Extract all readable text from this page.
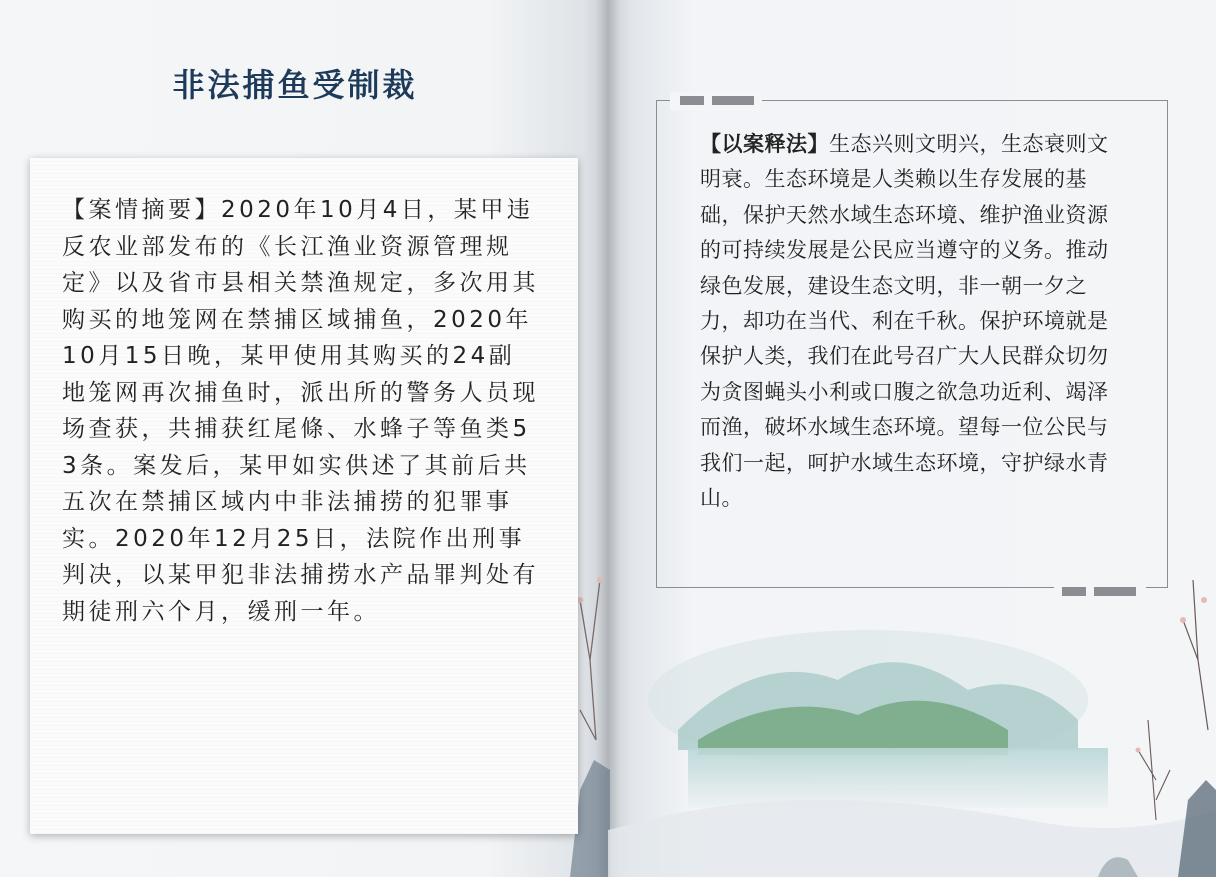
非法捕鱼受制裁
【案情摘要】2020年10月4日，某甲违反农业部发布的《长江渔业资源管理规定》以及省市县相关禁渔规定，多次用其购买的地笼网在禁捕区域捕鱼，2020年10月15日晚，某甲使用其购买的24副地笼网再次捕鱼时，派出所的警务人员现场查获，共捕获红尾條、水蜂子等鱼类53条。案发后，某甲如实供述了其前后共五次在禁捕区域内中非法捕捞的犯罪事实。2020年12月25日，法院作出刑事判决，以某甲犯非法捕捞水产品罪判处有期徒刑六个月，缓刑一年。
【以案释法】生态兴则文明兴，生态衰则文明衰。生态环境是人类赖以生存发展的基础，保护天然水域生态环境、维护渔业资源的可持续发展是公民应当遵守的义务。推动绿色发展，建设生态文明，非一朝一夕之力，却功在当代、利在千秋。保护环境就是保护人类，我们在此号召广大人民群众切勿为贪图蝇头小利或口腹之欲急功近利、竭泽而渔，破坏水域生态环境。望每一位公民与我们一起，呵护水域生态环境，守护绿水青山。
